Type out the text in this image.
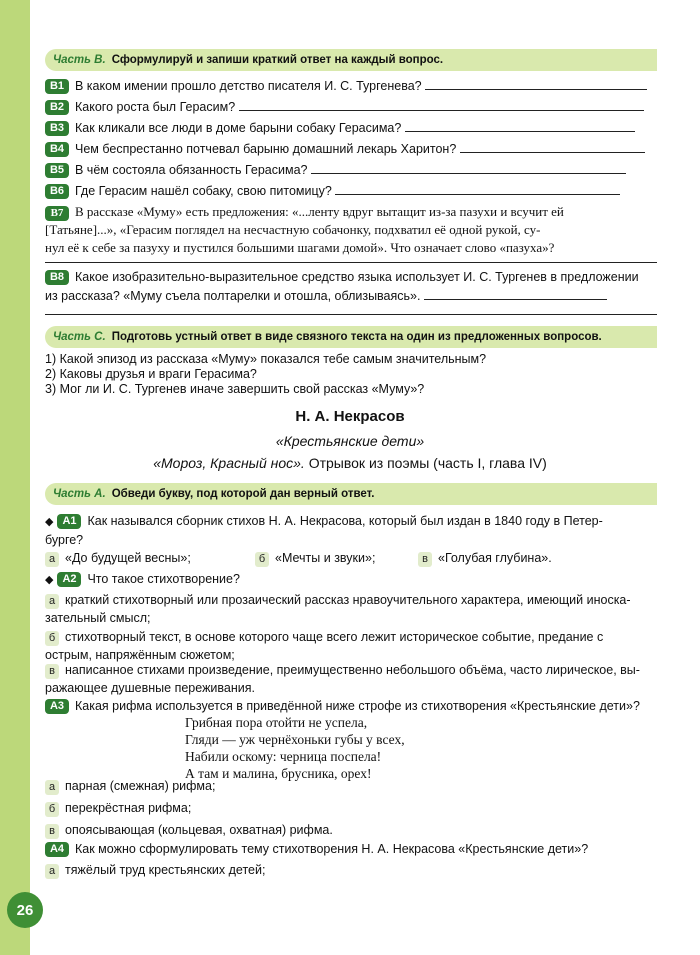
Часть В. Сформулируй и запиши краткий ответ на каждый вопрос.
В1 В каком имении прошло детство писателя И. С. Тургенева?
В2 Какого роста был Герасим?
В3 Как кликали все люди в доме барыни собаку Герасима?
В4 Чем беспрестанно потчевал барыню домашний лекарь Харитон?
В5 В чём состояла обязанность Герасима?
В6 Где Герасим нашёл собаку, свою питомицу?
В7 В рассказе «Муму» есть предложения: «...ленту вдруг вытащит из-за пазухи и всучит ей
[Татьяне]...», «Герасим поглядел на несчастную собачонку, подхватил её одной рукой, су-
нул её к себе за пазуху и пустился большими шагами домой». Что означает слово «пазуха»?
В8 Какое изобразительно-выразительное средство языка использует И. С. Тургенев в предложении
из рассказа? «Муму съела полтарелки и отошла, облизываясь».
Часть С. Подготовь устный ответ в виде связного текста на один из предложенных вопросов.
1) Какой эпизод из рассказа «Муму» показался тебе самым значительным?
2) Каковы друзья и враги Герасима?
3) Мог ли И. С. Тургенев иначе завершить свой рассказ «Муму»?
Н. А. Некрасов
«Крестьянские дети»
«Мороз, Красный нос». Отрывок из поэмы (часть I, глава IV)
Часть А. Обведи букву, под которой дан верный ответ.
◆ А1 Как назывался сборник стихов Н. А. Некрасова, который был издан в 1840 году в Петер-
бурге?
а «До будущей весны»;	б «Мечты и звуки»;	в «Голубая глубина».
◆ А2 Что такое стихотворение?
а краткий стихотворный или прозаический рассказ нравоучительного характера, имеющий иноска-
зательный смысл;
б стихотворный текст, в основе которого чаще всего лежит историческое событие, предание с
острым, напряжённым сюжетом;
в написанное стихами произведение, преимущественно небольшого объёма, часто лирическое, вы-
ражающее душевные переживания.
А3 Какая рифма используется в приведённой ниже строфе из стихотворения «Крестьянские дети»?
Грибная пора отойти не успела,
Гляди — уж чернёхоньки губы у всех,
Набили оскому: черница поспела!
А там и малина, брусника, орех!
а парная (смежная) рифма;
б перекрёстная рифма;
в опоясывающая (кольцевая, охватная) рифма.
А4 Как можно сформулировать тему стихотворения Н. А. Некрасова «Крестьянские дети»?
а тяжёлый труд крестьянских детей;
26
